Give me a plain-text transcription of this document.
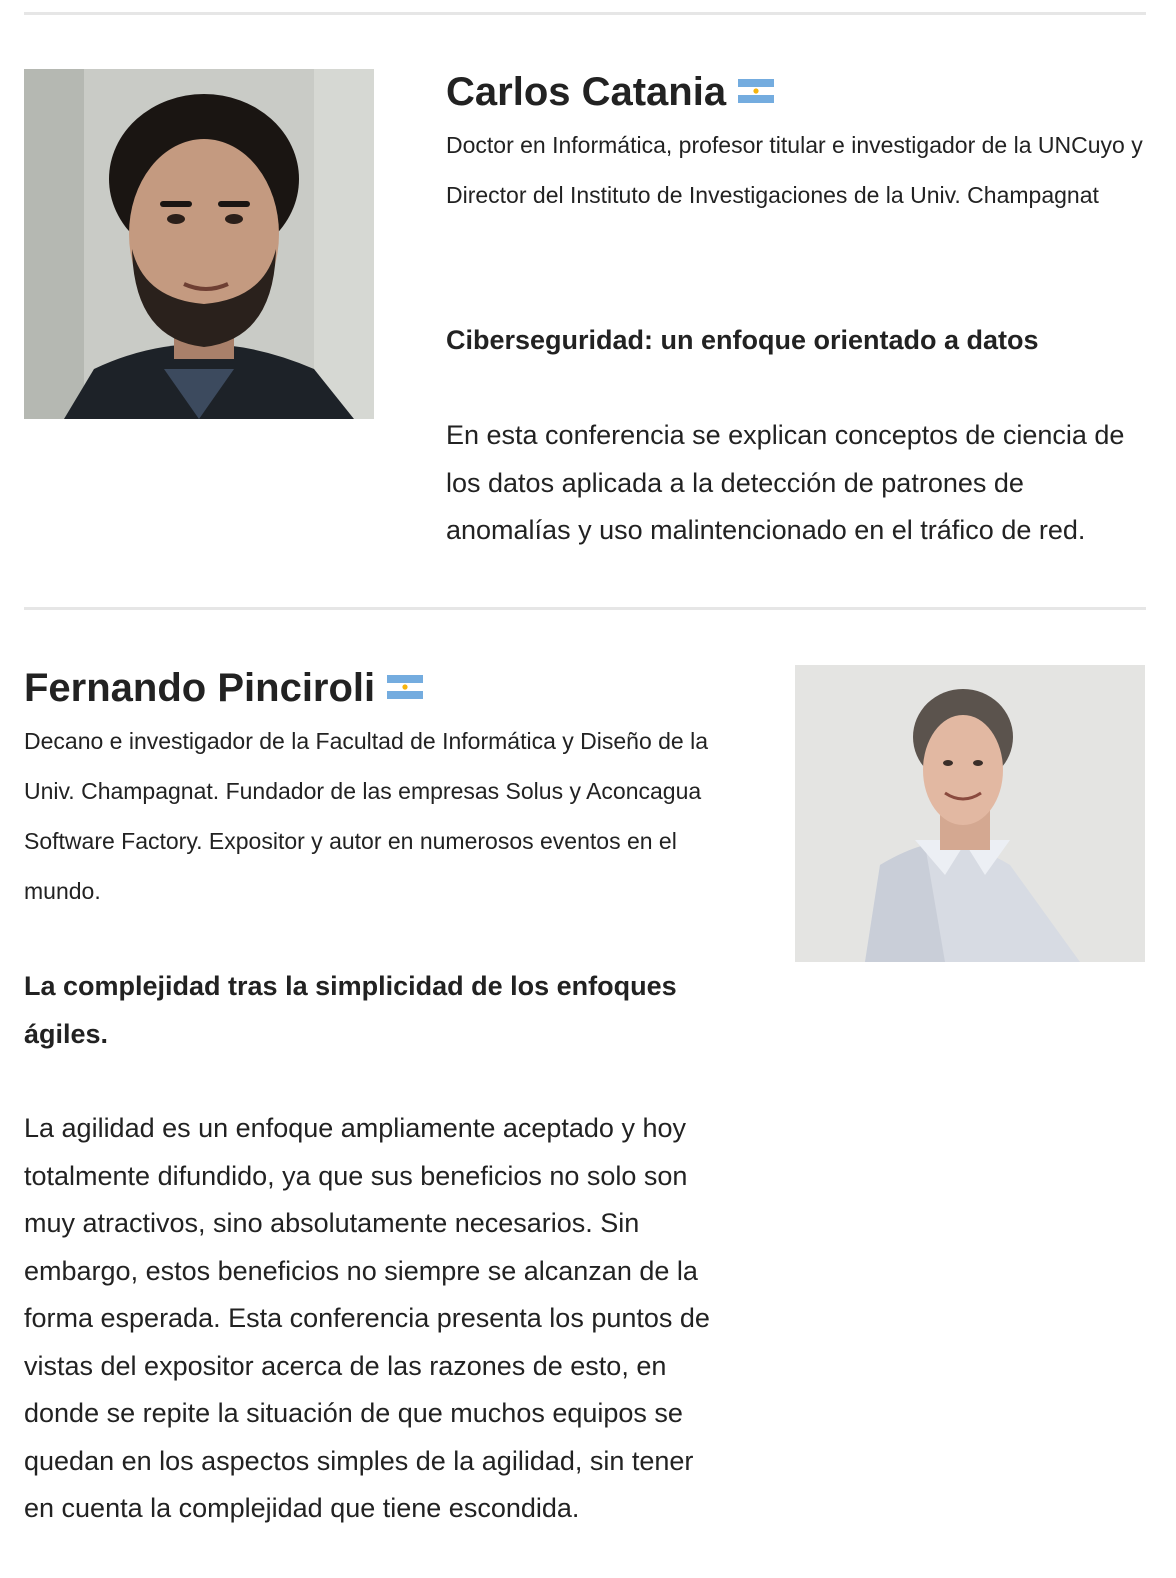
Carlos Catania

Doctor en Informática, profesor titular e investigador de la UNCuyo y Director del Instituto de Investigaciones de la Univ. Champagnat

Ciberseguridad: un enfoque orientado a datos

En esta conferencia se explican conceptos de ciencia de los datos aplicada a la detección de patrones de anomalías y uso malintencionado en el tráfico de red.

Fernando Pinciroli

Decano e investigador de la Facultad de Informática y Diseño de la Univ. Champagnat. Fundador de las empresas Solus y Aconcagua Software Factory. Expositor y autor en numerosos eventos en el mundo.

La complejidad tras la simplicidad de los enfoques ágiles.

La agilidad es un enfoque ampliamente aceptado y hoy totalmente difundido, ya que sus beneficios no solo son muy atractivos, sino absolutamente necesarios. Sin embargo, estos beneficios no siempre se alcanzan de la forma esperada. Esta conferencia presenta los puntos de vistas del expositor acerca de las razones de esto, en donde se repite la situación de que muchos equipos se quedan en los aspectos simples de la agilidad, sin tener en cuenta la complejidad que tiene escondida.
